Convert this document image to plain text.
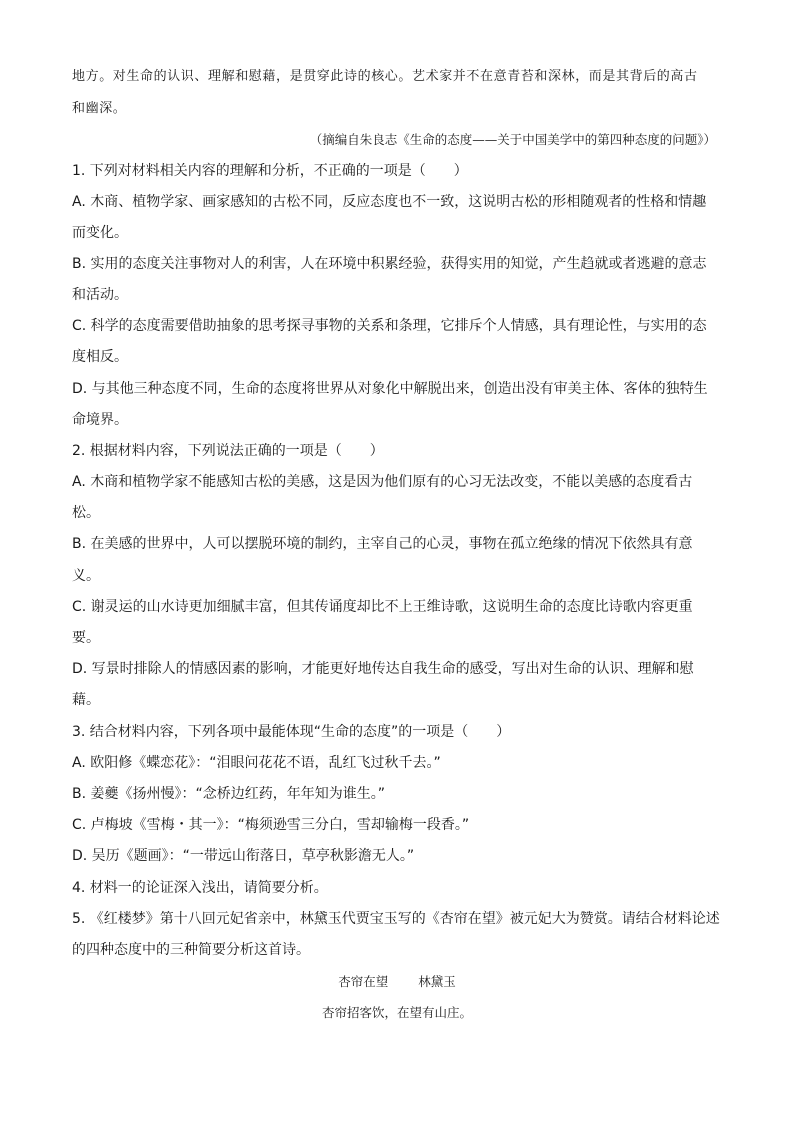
地方。对生命的认识、理解和慰藉，是贯穿此诗的核心。艺术家并不在意青苔和深林，而是其背后的高古
和幽深。
（摘编自朱良志《生命的态度——关于中国美学中的第四种态度的问题》）
1. 下列对材料相关内容的理解和分析，不正确的一项是（　　）
A. 木商、植物学家、画家感知的古松不同，反应态度也不一致，这说明古松的形相随观者的性格和情趣
而变化。
B. 实用的态度关注事物对人的利害，人在环境中积累经验，获得实用的知觉，产生趋就或者逃避的意志
和活动。
C. 科学的态度需要借助抽象的思考探寻事物的关系和条理，它排斥个人情感，具有理论性，与实用的态
度相反。
D. 与其他三种态度不同，生命的态度将世界从对象化中解脱出来，创造出没有审美主体、客体的独特生
命境界。
2. 根据材料内容，下列说法正确的一项是（　　）
A. 木商和植物学家不能感知古松的美感，这是因为他们原有的心习无法改变，不能以美感的态度看古
松。
B. 在美感的世界中，人可以摆脱环境的制约，主宰自己的心灵，事物在孤立绝缘的情况下依然具有意
义。
C. 谢灵运的山水诗更加细腻丰富，但其传诵度却比不上王维诗歌，这说明生命的态度比诗歌内容更重
要。
D. 写景时排除人的情感因素的影响，才能更好地传达自我生命的感受，写出对生命的认识、理解和慰
藉。
3. 结合材料内容，下列各项中最能体现“生命的态度”的一项是（　　）
A. 欧阳修《蝶恋花》：“泪眼问花花不语，乱红飞过秋千去。”
B. 姜夔《扬州慢》：“念桥边红药，年年知为谁生。”
C. 卢梅坡《雪梅・其一》：“梅须逊雪三分白，雪却输梅一段香。”
D. 吴历《题画》：“一带远山衔落日，草亭秋影澹无人。”
4. 材料一的论证深入浅出，请简要分析。
5. 《红楼梦》第十八回元妃省亲中，林黛玉代贾宝玉写的《杏帘在望》被元妃大为赞赏。请结合材料论述
的四种态度中的三种简要分析这首诗。
杏帘在望 林黛玉
杏帘招客饮，在望有山庄。
